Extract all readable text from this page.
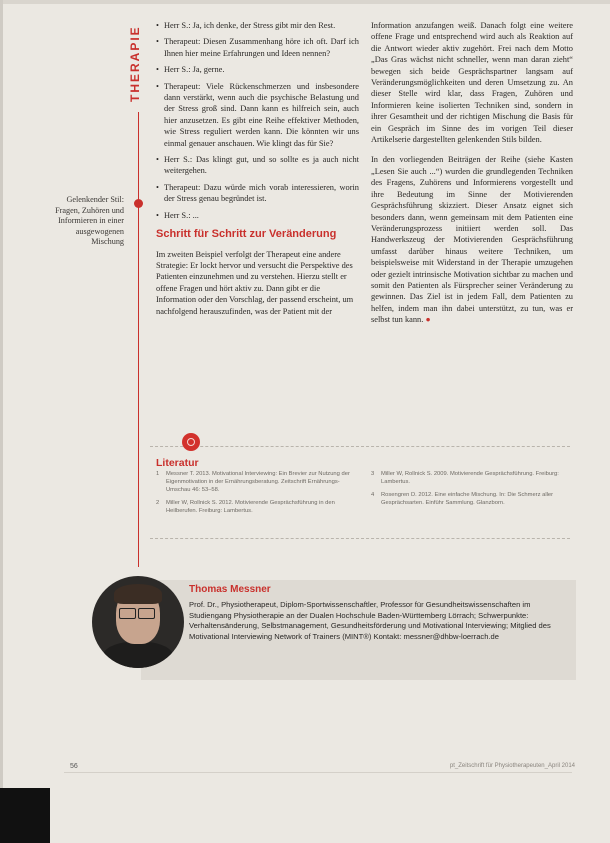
THERAPIE
Gelenkender Stil: Fragen, Zuhören und Informieren in einer ausgewogenen Mischung
• Herr S.: Ja, ich denke, der Stress gibt mir den Rest.
• Therapeut: Diesen Zusammenhang höre ich oft. Darf ich Ihnen hier meine Erfahrungen und Ideen nennen?
• Herr S.: Ja, gerne.
• Therapeut: Viele Rückenschmerzen und insbesondere dann verstärkt, wenn auch die psychische Belastung und der Stress groß sind. Dann kann es hilfreich sein, auch hier anzusetzen. Es gibt eine Reihe effektiver Methoden, wie Stress reguliert werden kann. Die könnten wir uns einmal genauer anschauen. Wie klingt das für Sie?
• Herr S.: Das klingt gut, und so sollte es ja auch nicht weitergehen.
• Therapeut: Dazu würde mich vorab interessieren, worin der Stress genau begründet ist.
• Herr S.: ...
Schritt für Schritt zur Veränderung

Im zweiten Beispiel verfolgt der Therapeut eine andere Strategie: Er lockt hervor und versucht die Perspektive des Patienten einzunehmen und zu verstehen. Hierzu stellt er offene Fragen und hört aktiv zu. Dann gibt er die Information oder den Vorschlag, der passend erscheint, um nachfolgend herauszufinden, was der Patient mit der

Information anzufangen weiß. Danach folgt eine weitere offene Frage und entsprechend wird auch als Reaktion auf die Antwort wieder aktiv zugehört. Frei nach dem Motto „Das Gras wächst nicht schneller, wenn man daran zieht“ bewegen sich beide Gesprächspartner langsam auf Veränderungsmöglichkeiten und deren Umsetzung zu. An dieser Stelle wird klar, dass Fragen, Zuhören und Informieren keine isolierten Techniken sind, sondern in ihrer Gesamtheit und der richtigen Mischung die Basis für ein Gespräch im Sinne des im vorigen Teil dieser Artikelserie dargestellten gelenkenden Stils bilden.

In den vorliegenden Beiträgen der Reihe (siehe Kasten „Lesen Sie auch ...“) wurden die grundlegenden Techniken des Fragens, Zuhörens und Informierens vorgestellt und ihre Bedeutung im Sinne der Motivierenden Gesprächsführung skizziert. Dieser Ansatz eignet sich besonders dann, wenn gemeinsam mit dem Patienten eine Veränderungsprozess initiiert werden soll. Das Handwerkszeug der Motivierenden Gesprächsführung umfasst darüber hinaus weitere Techniken, um beispielsweise mit Widerstand in der Therapie umzugehen oder gezielt intrinsische Motivation sichtbar zu machen und somit den Patienten als Fürsprecher seiner Veränderung zu gewinnen. Das Ziel ist in jedem Fall, dem Patienten zu helfen, indem man ihn dabei unterstützt, zu tun, was er selbst tun kann. ●

Literatur
1	Messner T. 2013. Motivational Interviewing: Ein Brevier zur Nutzung der Eigenmotivation in der Ernährungsberatung. Zeitschrift Ernährungs-Umschau 46: 53–58.
2	Miller W, Rollnick S. 2012. Motivierende Gesprächsführung in den Heilberufen. Freiburg: Lambertus.
3	Miller W, Rollnick S. 2009. Motivierende Gesprächsführung. Freiburg: Lambertus.
4	Rosengren D. 2012. Eine einfache Mischung. In: Die Schmerz aller Gesprächsarten. Einführ Sammlung. Glanzborn.
Thomas Messner
Prof. Dr., Physiotherapeut, Diplom-Sportwissenschaftler, Professor für Gesundheitswissenschaften im Studiengang Physiotherapie an der Dualen Hochschule Baden-Württemberg Lörrach; Schwerpunkte: Verhaltensänderung, Selbstmanagement, Gesundheitsförderung und Motivational Interviewing; Mitglied des Motivational Interviewing Network of Trainers (MINT®) Kontakt: messner@dhbw-loerrach.de
56	pt_Zeitschrift für Physiotherapeuten_April 2014
